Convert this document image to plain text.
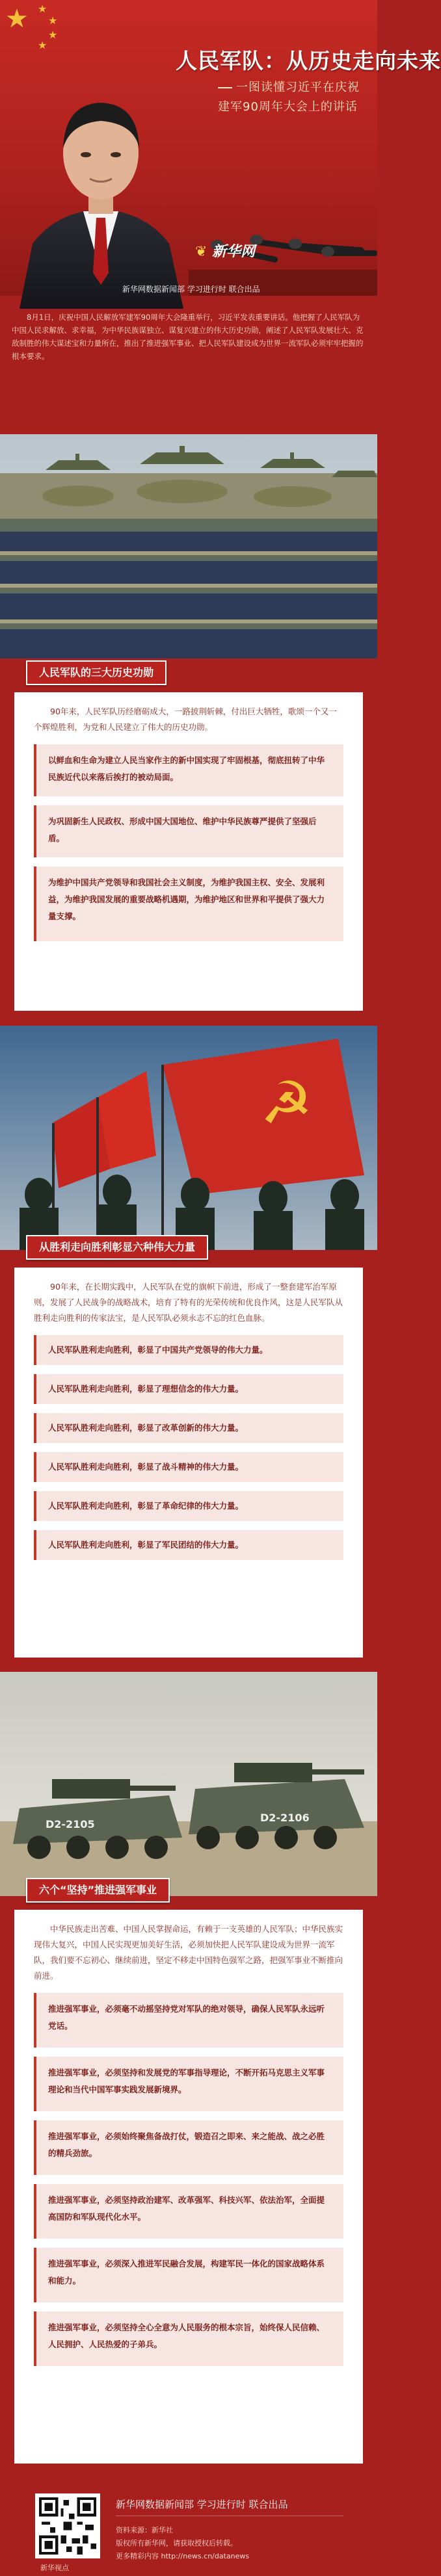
★ ★
★
★
★
人民军队：从历史走向未来
一图读懂习近平在庆祝
建军90周年大会上的讲话
❦ 新华网
新华网数据新闻部 学习进行时 联合出品
8月1日，庆祝中国人民解放军建军90周年大会隆重举行，习近平发表重要讲话。他把握了人民军队为中国人民求解放、求幸福，为中华民族谋独立、谋复兴建立的伟大历史功勋，阐述了人民军队发展壮大、克敌制胜的伟大谋述宝和力量所在，推出了推进强军事业、把人民军队建设成为世界一流军队必须牢牢把握的根本要求。
人民军队的三大历史功勋

90年来，人民军队历经磨砺成大，一路披荆斩棘，付出巨大牺牲，歌颂一个又一个辉煌胜利，为党和人民建立了伟大的历史功勋。

以鲜血和生命为建立人民当家作主的新中国实现了牢固根基，彻底扭转了中华民族近代以来落后挨打的被动局面。
为巩固新生人民政权、形成中国大国地位、维护中华民族尊严提供了坚强后盾。
为维护中国共产党领导和我国社会主义制度，为维护我国主权、安全、发展利益，为维护我国发展的重要战略机遇期，为维护地区和世界和平提供了强大力量支撑。
☭
从胜利走向胜利彰显六种伟大力量

90年来，在长期实践中，人民军队在党的旗帜下前进，形成了一整套建军治军原则，发展了人民战争的战略战术，培育了特有的光荣传统和优良作风，这是人民军队从胜利走向胜利的传家法宝，是人民军队必须永志不忘的红色血脉。

人民军队胜利走向胜利，彰显了中国共产党领导的伟大力量。
人民军队胜利走向胜利，彰显了理想信念的伟大力量。
人民军队胜利走向胜利，彰显了改革创新的伟大力量。
人民军队胜利走向胜利，彰显了战斗精神的伟大力量。
人民军队胜利走向胜利，彰显了革命纪律的伟大力量。
人民军队胜利走向胜利，彰显了军民团结的伟大力量。
D2-2105
D2-2106
六个“坚持”推进强军事业

中华民族走出苦难、中国人民掌握命运，有赖于一支英雄的人民军队；中华民族实现伟大复兴，中国人民实现更加美好生活，必须加快把人民军队建设成为世界一流军队，我们要不忘初心、继续前进，坚定不移走中国特色强军之路，把强军事业不断推向前进。

推进强军事业，必须毫不动摇坚持党对军队的绝对领导，确保人民军队永远听党话。
推进强军事业，必须坚持和发展党的军事指导理论，不断开拓马克思主义军事理论和当代中国军事实践发展新境界。
推进强军事业，必须始终聚焦备战打仗，锻造召之即来、来之能战、战之必胜的精兵劲旅。
推进强军事业，必须坚持政治建军、改革强军、科技兴军、依法治军，全面提高国防和军队现代化水平。
推进强军事业，必须深入推进军民融合发展，构建军民一体化的国家战略体系和能力。
推进强军事业，必须坚持全心全意为人民服务的根本宗旨，始终保人民信赖、人民拥护、人民热爱的子弟兵。
新华视点
新华网数据新闻部 学习进行时 联合出品
资料来源：新华社
版权所有新华网，请获取授权后转载。
更多精彩内容 http://news.cn/datanews
